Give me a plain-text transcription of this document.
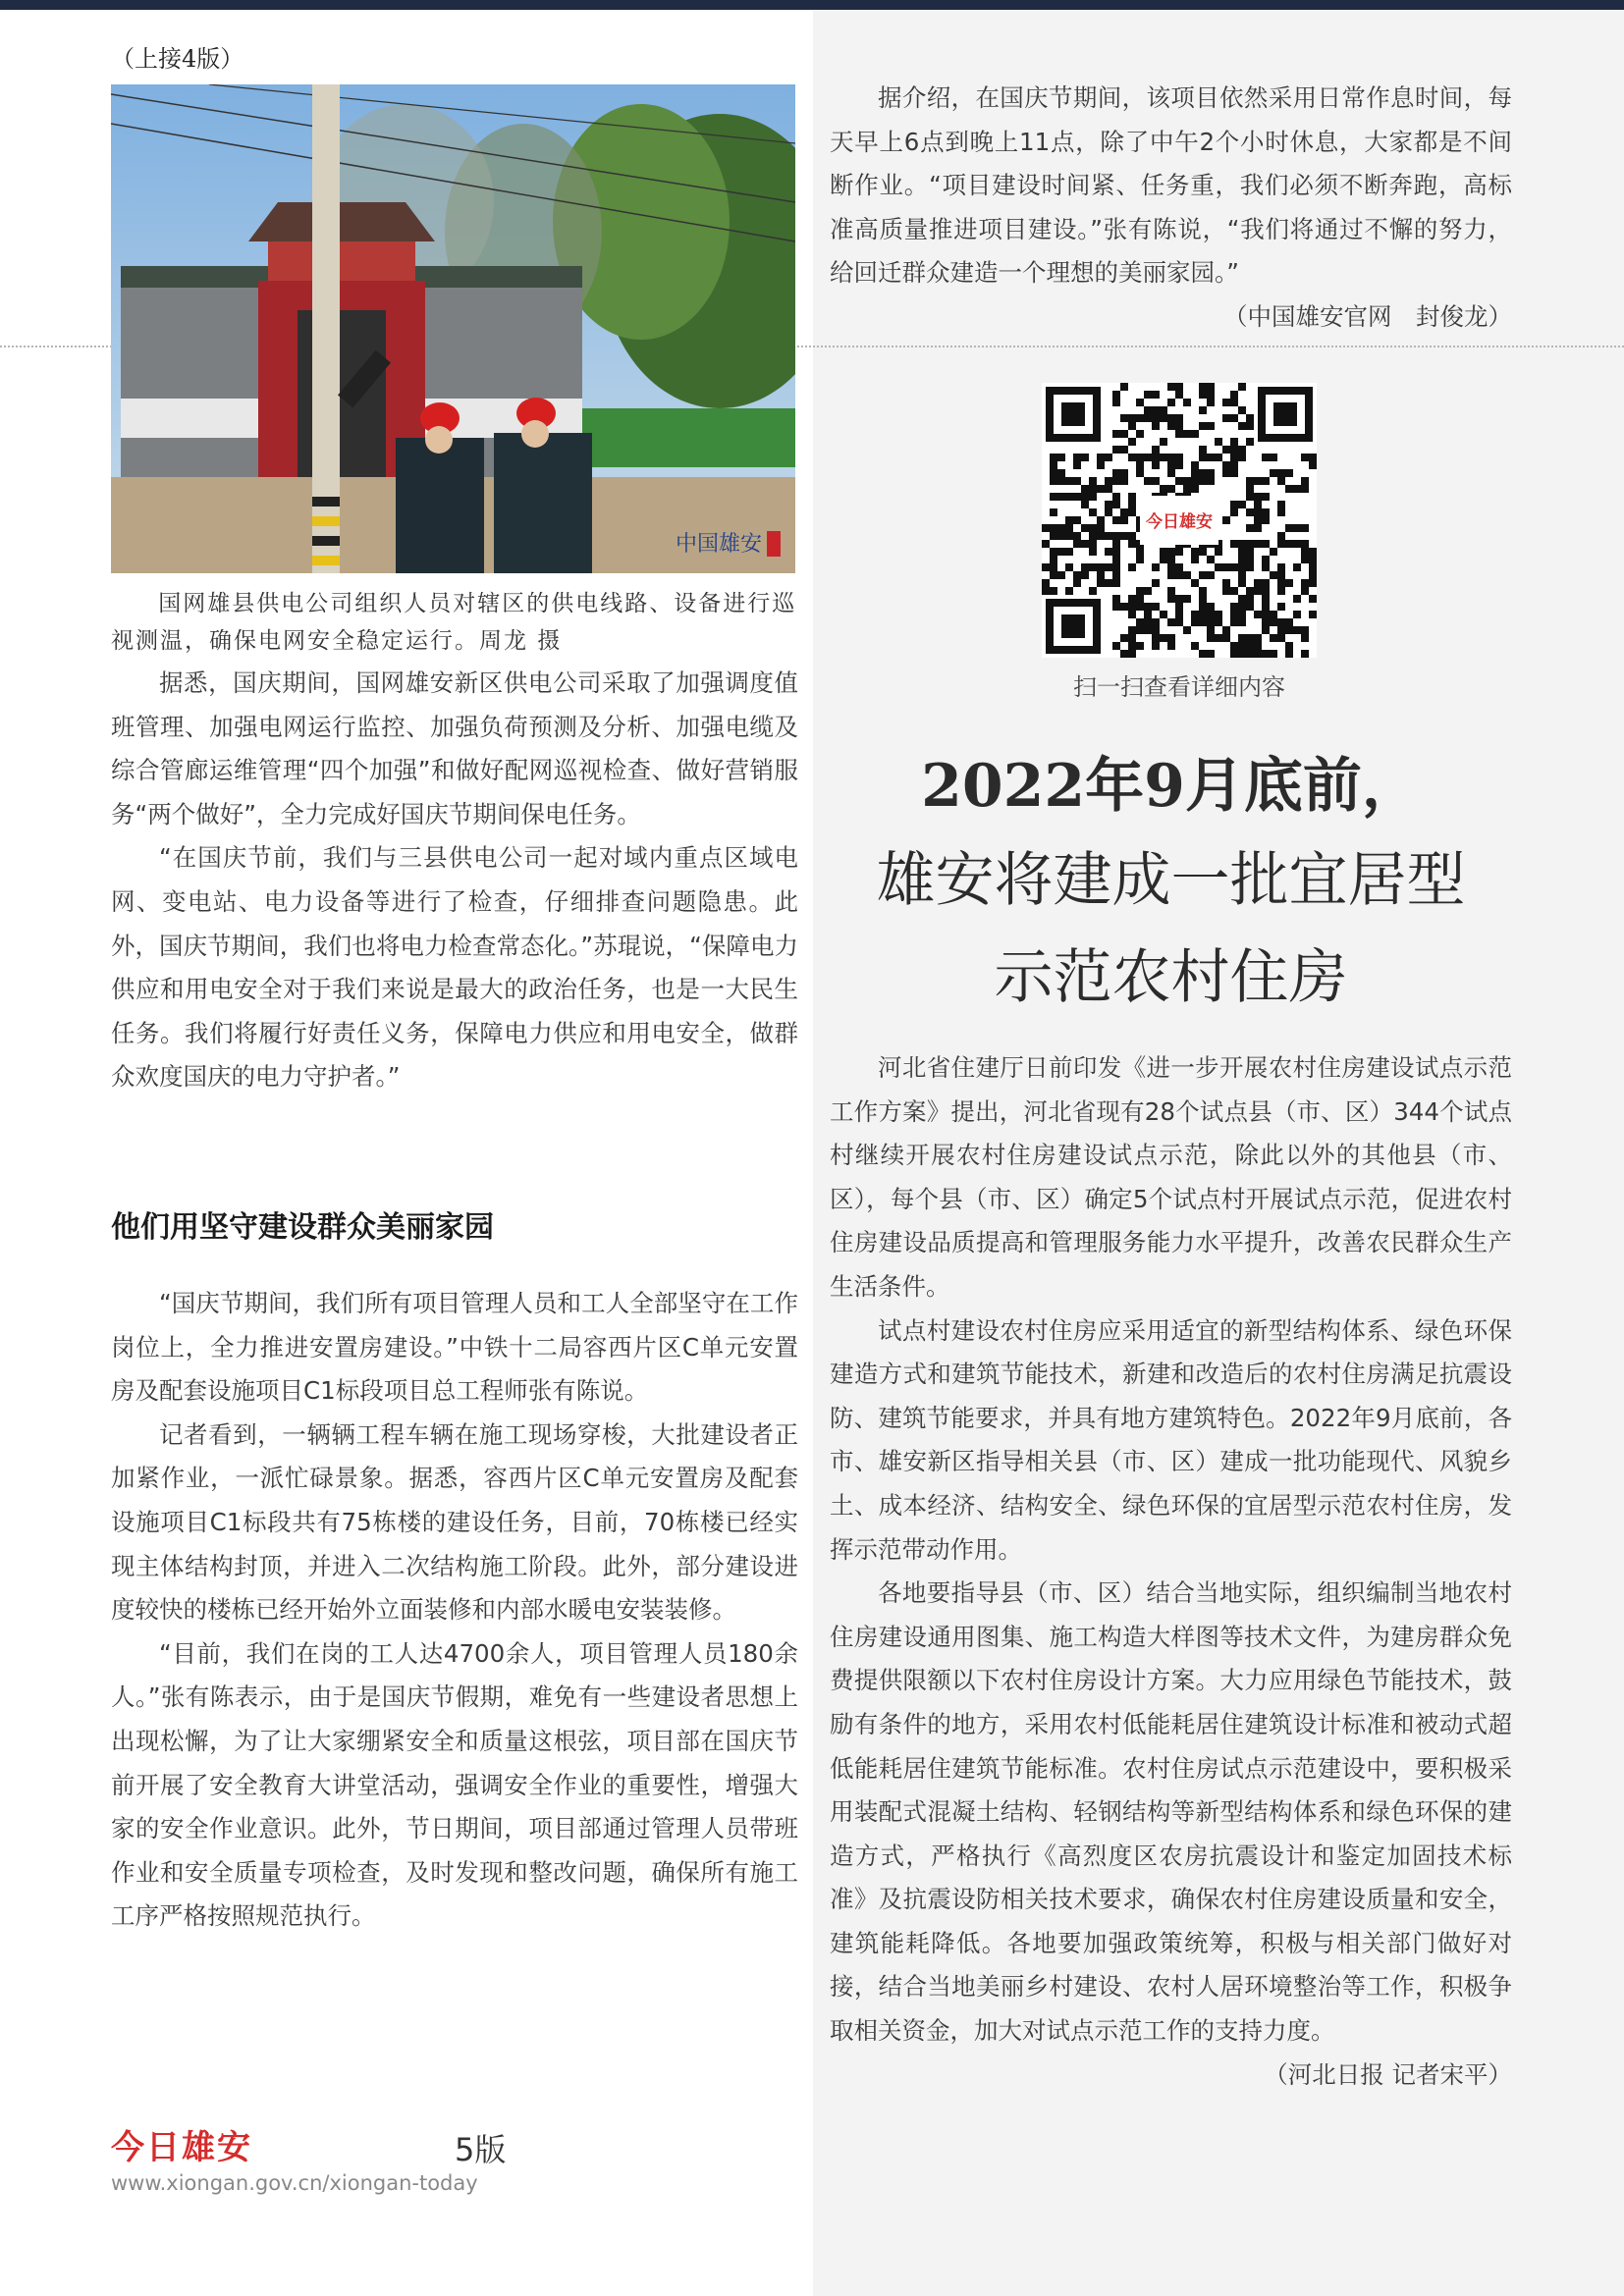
（上接4版）
中国雄安
国网雄县供电公司组织人员对辖区的供电线路、设备进行巡视测温，确保电网安全稳定运行。周龙 摄

据悉，国庆期间，国网雄安新区供电公司采取了加强调度值班管理、加强电网运行监控、加强负荷预测及分析、加强电缆及综合管廊运维管理“四个加强”和做好配网巡视检查、做好营销服务“两个做好”，全力完成好国庆节期间保电任务。

“在国庆节前，我们与三县供电公司一起对域内重点区域电网、变电站、电力设备等进行了检查，仔细排查问题隐患。此外，国庆节期间，我们也将电力检查常态化。”苏琨说，“保障电力供应和用电安全对于我们来说是最大的政治任务，也是一大民生任务。我们将履行好责任义务，保障电力供应和用电安全，做群众欢度国庆的电力守护者。”

他们用坚守建设群众美丽家园

“国庆节期间，我们所有项目管理人员和工人全部坚守在工作岗位上，全力推进安置房建设。”中铁十二局容西片区C单元安置房及配套设施项目C1标段项目总工程师张有陈说。

记者看到，一辆辆工程车辆在施工现场穿梭，大批建设者正加紧作业，一派忙碌景象。据悉，容西片区C单元安置房及配套设施项目C1标段共有75栋楼的建设任务，目前，70栋楼已经实现主体结构封顶，并进入二次结构施工阶段。此外，部分建设进度较快的楼栋已经开始外立面装修和内部水暖电安装装修。

“目前，我们在岗的工人达4700余人，项目管理人员180余人。”张有陈表示，由于是国庆节假期，难免有一些建设者思想上出现松懈，为了让大家绷紧安全和质量这根弦，项目部在国庆节前开展了安全教育大讲堂活动，强调安全作业的重要性，增强大家的安全作业意识。此外，节日期间，项目部通过管理人员带班作业和安全质量专项检查，及时发现和整改问题，确保所有施工工序严格按照规范执行。

今日雄安	5版
www.xiongan.gov.cn/xiongan-today

据介绍，在国庆节期间，该项目依然采用日常作息时间，每天早上6点到晚上11点，除了中午2个小时休息，大家都是不间断作业。“项目建设时间紧、任务重，我们必须不断奔跑，高标准高质量推进项目建设。”张有陈说，“我们将通过不懈的努力，给回迁群众建造一个理想的美丽家园。”

（中国雄安官网　封俊龙）
今日雄安
扫一扫查看详细内容
2022年9月底前，
雄安将建成一批宜居型
示范农村住房

河北省住建厅日前印发《进一步开展农村住房建设试点示范工作方案》提出，河北省现有28个试点县（市、区）344个试点村继续开展农村住房建设试点示范，除此以外的其他县（市、区），每个县（市、区）确定5个试点村开展试点示范，促进农村住房建设品质提高和管理服务能力水平提升，改善农民群众生产生活条件。

试点村建设农村住房应采用适宜的新型结构体系、绿色环保建造方式和建筑节能技术，新建和改造后的农村住房满足抗震设防、建筑节能要求，并具有地方建筑特色。2022年9月底前，各市、雄安新区指导相关县（市、区）建成一批功能现代、风貌乡土、成本经济、结构安全、绿色环保的宜居型示范农村住房，发挥示范带动作用。

各地要指导县（市、区）结合当地实际，组织编制当地农村住房建设通用图集、施工构造大样图等技术文件，为建房群众免费提供限额以下农村住房设计方案。大力应用绿色节能技术，鼓励有条件的地方，采用农村低能耗居住建筑设计标准和被动式超低能耗居住建筑节能标准。农村住房试点示范建设中，要积极采用装配式混凝土结构、轻钢结构等新型结构体系和绿色环保的建造方式，严格执行《高烈度区农房抗震设计和鉴定加固技术标准》及抗震设防相关技术要求，确保农村住房建设质量和安全，建筑能耗降低。各地要加强政策统筹，积极与相关部门做好对接，结合当地美丽乡村建设、农村人居环境整治等工作，积极争取相关资金，加大对试点示范工作的支持力度。

（河北日报 记者宋平）
